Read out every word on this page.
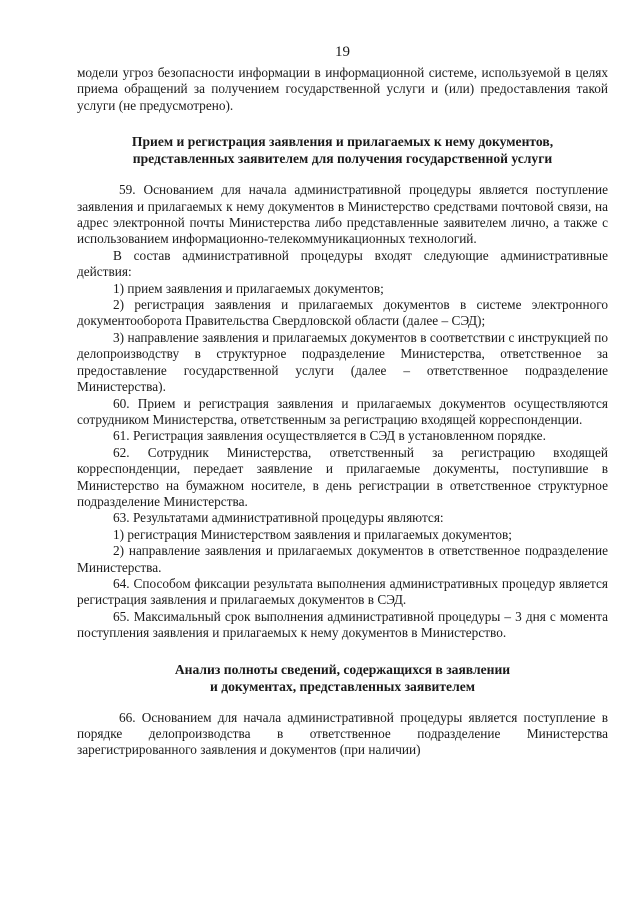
19

модели угроз безопасности информации в информационной системе, используемой в целях приема обращений за получением государственной услуги и (или) предоставления такой услуги (не предусмотрено).

Прием и регистрация заявления и прилагаемых к нему документов,
представленных заявителем для получения государственной услуги

59. Основанием для начала административной процедуры является поступление заявления и прилагаемых к нему документов в Министерство средствами почтовой связи, на адрес электронной почты Министерства либо представленные заявителем лично, а также с использованием информационно-телекоммуникационных технологий.

В состав административной процедуры входят следующие административные действия:

1) прием заявления и прилагаемых документов;

2) регистрация заявления и прилагаемых документов в системе электронного документооборота Правительства Свердловской области (далее – СЭД);

3) направление заявления и прилагаемых документов в соответствии с инструкцией по делопроизводству в структурное подразделение Министерства, ответственное за предоставление государственной услуги (далее – ответственное подразделение Министерства).

60. Прием и регистрация заявления и прилагаемых документов осуществляются сотрудником Министерства, ответственным за регистрацию входящей корреспонденции.

61. Регистрация заявления осуществляется в СЭД в установленном порядке.

62. Сотрудник Министерства, ответственный за регистрацию входящей корреспонденции, передает заявление и прилагаемые документы, поступившие в Министерство на бумажном носителе, в день регистрации в ответственное структурное подразделение Министерства.

63. Результатами административной процедуры являются:

1) регистрация Министерством заявления и прилагаемых документов;

2) направление заявления и прилагаемых документов в ответственное подразделение Министерства.

64. Способом фиксации результата выполнения административных процедур является регистрация заявления и прилагаемых документов в СЭД.

65. Максимальный срок выполнения административной процедуры – 3 дня с момента поступления заявления и прилагаемых к нему документов в Министерство.

Анализ полноты сведений, содержащихся в заявлении
и документах, представленных заявителем

66. Основанием для начала административной процедуры является поступление в порядке делопроизводства в ответственное подразделение Министерства зарегистрированного заявления и документов (при наличии)
